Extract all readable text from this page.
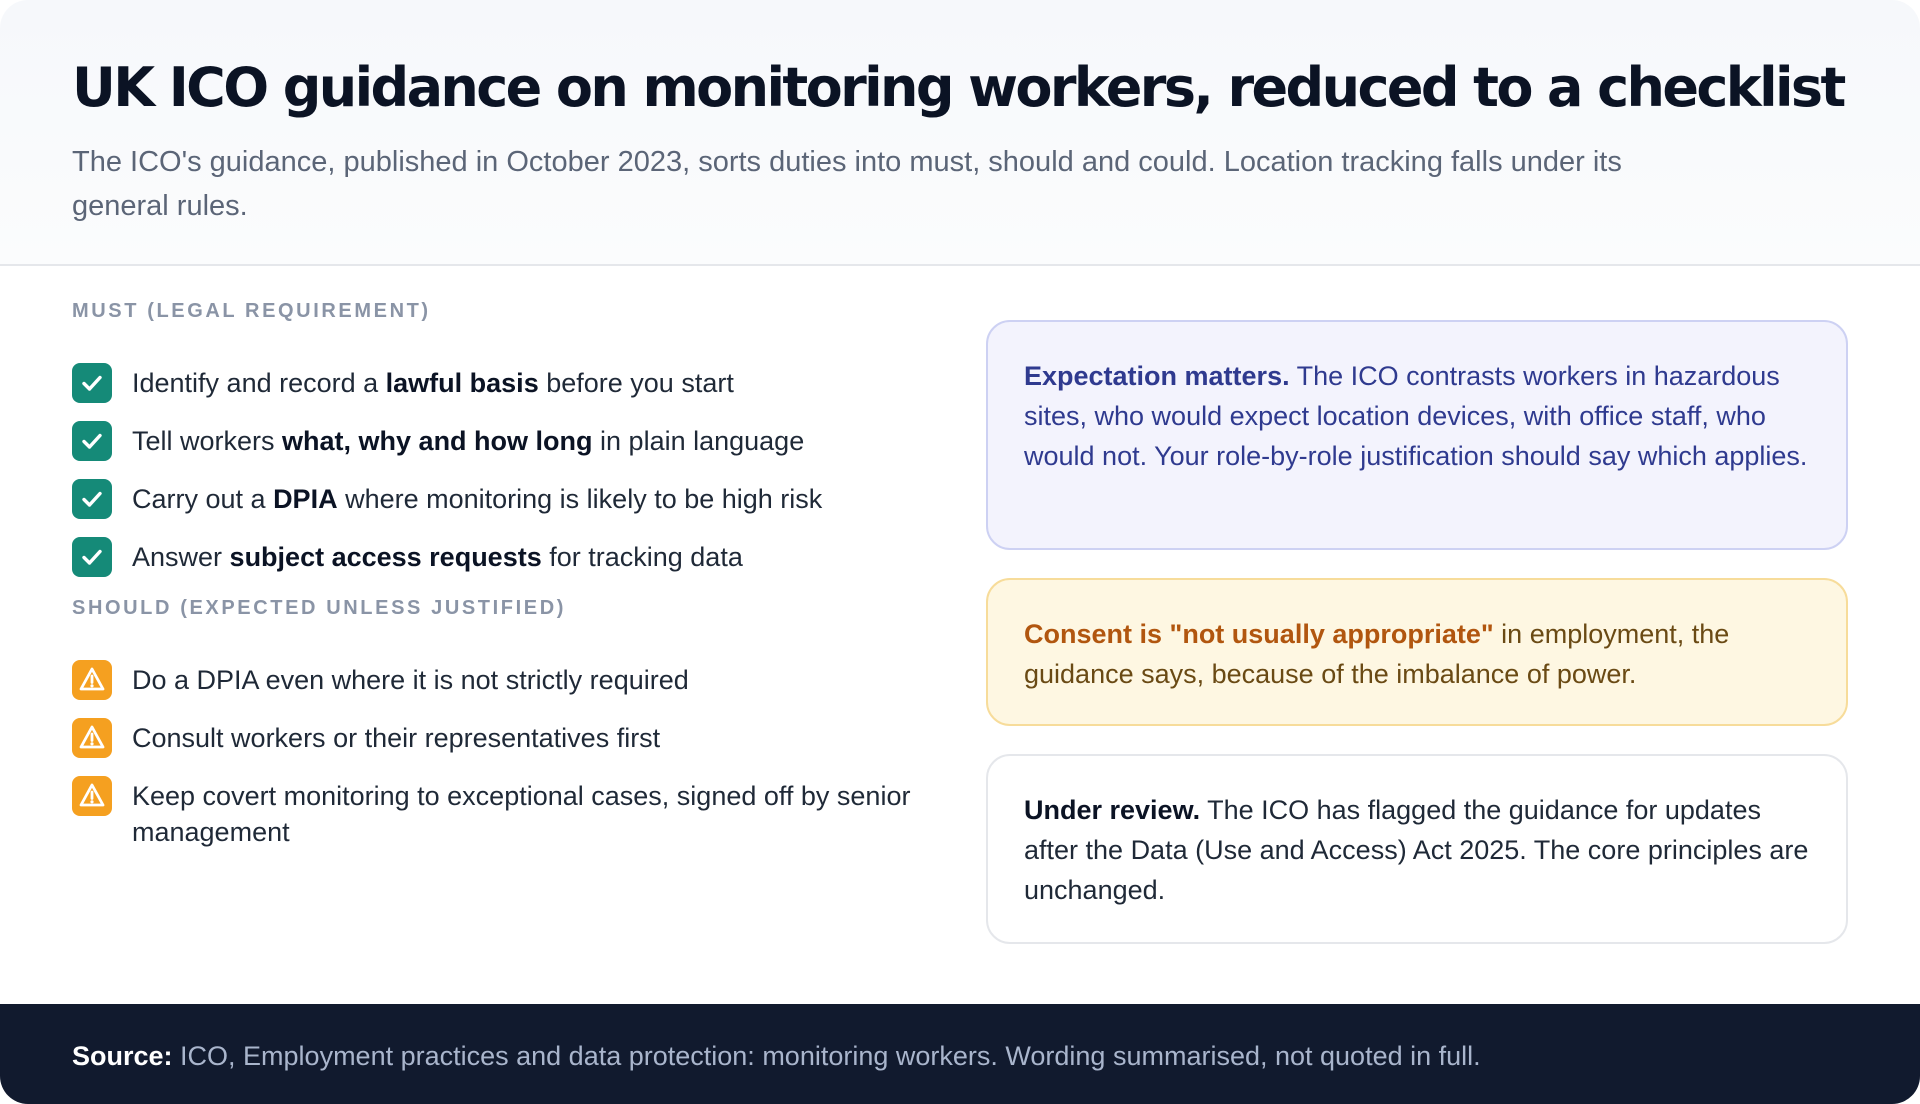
UK ICO guidance on monitoring workers, reduced to a checklist

The ICO's guidance, published in October 2023, sorts duties into must, should and could. Location tracking falls under its general rules.

MUST (LEGAL REQUIREMENT)

Identify and record a lawful basis before you start
Tell workers what, why and how long in plain language
Carry out a DPIA where monitoring is likely to be high risk
Answer subject access requests for tracking data

SHOULD (EXPECTED UNLESS JUSTIFIED)

Do a DPIA even where it is not strictly required
Consult workers or their representatives first
Keep covert monitoring to exceptional cases, signed off by senior management
Expectation matters. The ICO contrasts workers in hazardous sites, who would expect location devices, with office staff, who would not. Your role-by-role justification should say which applies.
Consent is "not usually appropriate" in employment, the guidance says, because of the imbalance of power.
Under review. The ICO has flagged the guidance for updates after the Data (Use and Access) Act 2025. The core principles are unchanged.
Source: ICO, Employment practices and data protection: monitoring workers. Wording summarised, not quoted in full.
